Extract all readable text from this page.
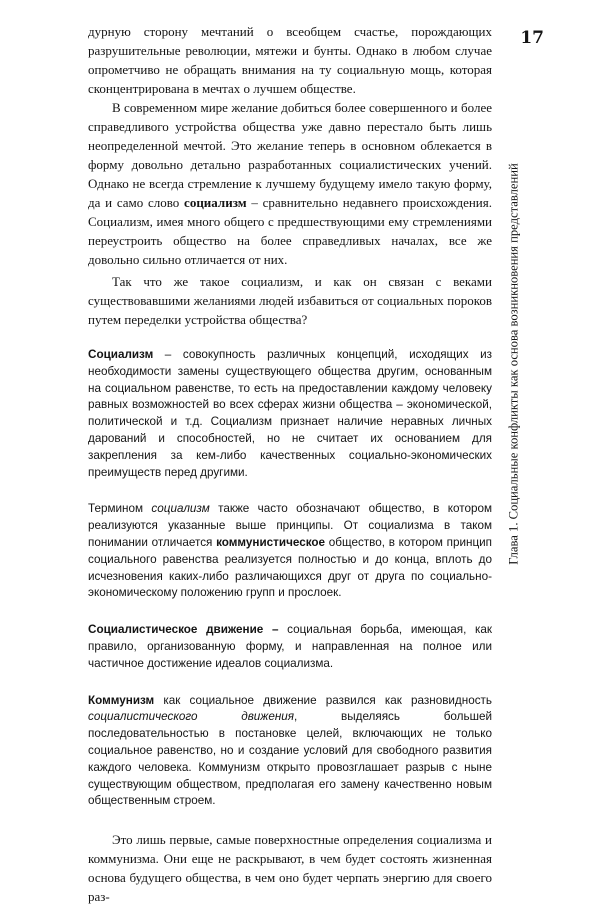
17
Глава 1. Социальные конфликты как основа возникновения представлений

дурную сторону мечтаний о всеобщем счастье, порождающих разрушительные революции, мятежи и бунты. Однако в любом случае опрометчиво не обращать внимания на ту социальную мощь, которая сконцентрирована в мечтах о лучшем обществе.

В современном мире желание добиться более совершенного и более справедливого устройства общества уже давно перестало быть лишь неопределенной мечтой. Это желание теперь в основном облекается в форму довольно детально разработанных социалистических учений. Однако не всегда стремление к лучшему будущему имело такую форму, да и само слово социализм – сравнительно недавнего происхождения. Социализм, имея много общего с предшествующими ему стремлениями переустроить общество на более справедливых началах, все же довольно сильно отличается от них.

Так что же такое социализм, и как он связан с веками существовавшими желаниями людей избавиться от социальных пороков путем переделки устройства общества?

Социализм – совокупность различных концепций, исходящих из необходимости замены существующего общества другим, основанным на социальном равенстве, то есть на предоставлении каждому человеку равных возможностей во всех сферах жизни общества – экономической, политической и т.д. Социализм признает наличие неравных личных дарований и способностей, но не считает их основанием для закрепления за кем-либо качественных социально-экономических преимуществ перед другими.

Термином социализм также часто обозначают общество, в котором реализуются указанные выше принципы. От социализма в таком понимании отличается коммунистическое общество, в котором принцип социального равенства реализуется полностью и до конца, вплоть до исчезновения каких-либо различающихся друг от друга по социально-экономическому положению групп и прослоек.

Социалистическое движение – социальная борьба, имеющая, как правило, организованную форму, и направленная на полное или частичное достижение идеалов социализма.

Коммунизм как социальное движение развился как разновидность социалистического движения, выделяясь большей последовательностью в постановке целей, включающих не только социальное равенство, но и создание условий для свободного развития каждого человека. Коммунизм открыто провозглашает разрыв с ныне существующим обществом, предполагая его замену качественно новым общественным строем.

Это лишь первые, самые поверхностные определения социализма и коммунизма. Они еще не раскрывают, в чем будет состоять жизненная основа будущего общества, в чем оно будет черпать энергию для своего раз-
